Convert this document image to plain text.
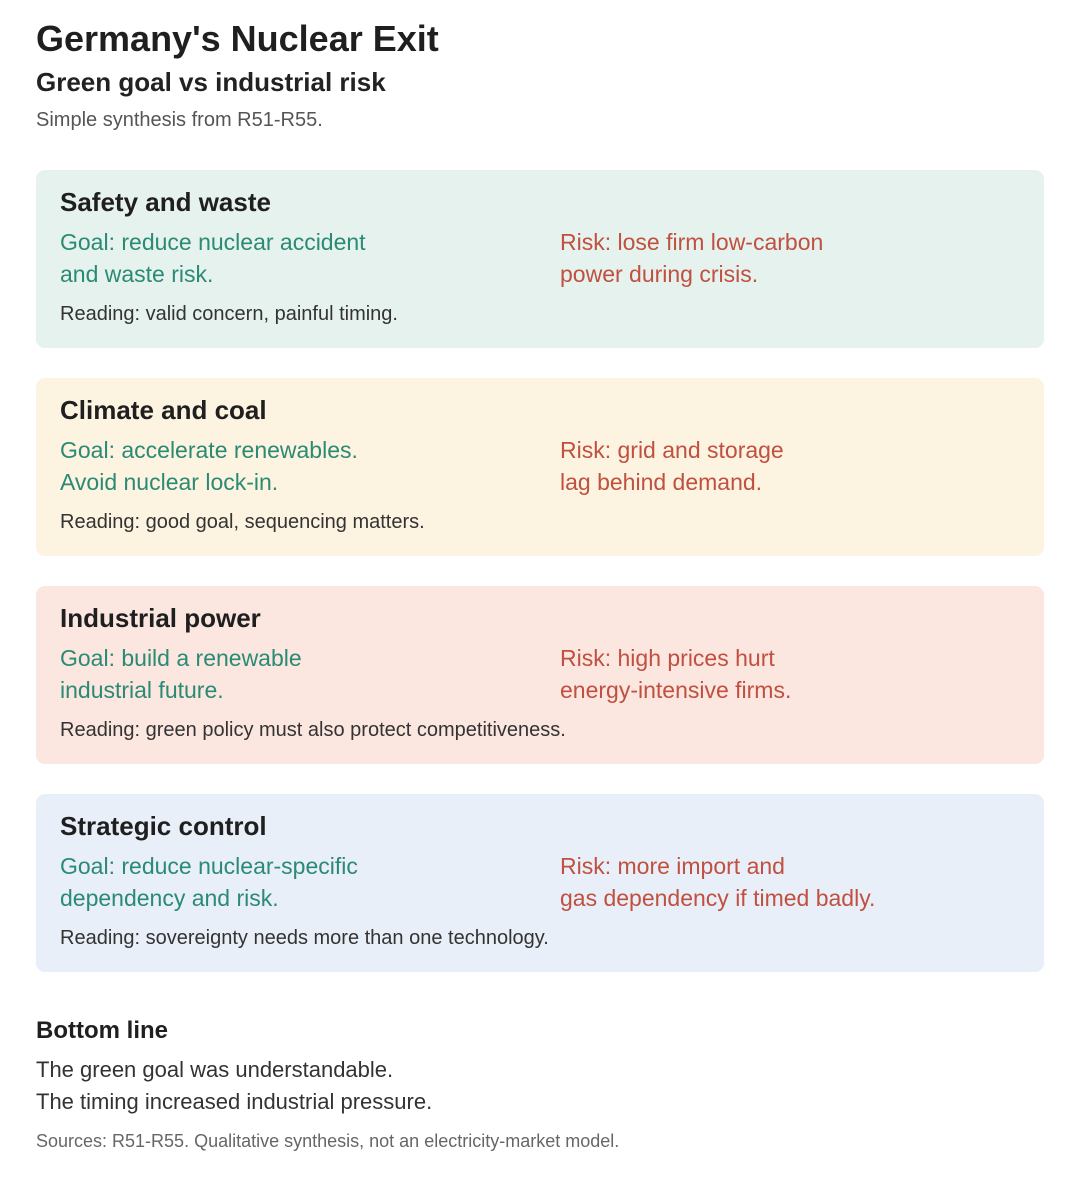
Germany's Nuclear Exit
Green goal vs industrial risk
Simple synthesis from R51-R55.
Safety and waste
Goal: reduce nuclear accident
and waste risk.
Risk: lose firm low-carbon
power during crisis.
Reading: valid concern, painful timing.
Climate and coal
Goal: accelerate renewables.
Avoid nuclear lock-in.
Risk: grid and storage
lag behind demand.
Reading: good goal, sequencing matters.
Industrial power
Goal: build a renewable
industrial future.
Risk: high prices hurt
energy-intensive firms.
Reading: green policy must also protect competitiveness.
Strategic control
Goal: reduce nuclear-specific
dependency and risk.
Risk: more import and
gas dependency if timed badly.
Reading: sovereignty needs more than one technology.
Bottom line
The green goal was understandable.
The timing increased industrial pressure.
Sources: R51-R55. Qualitative synthesis, not an electricity-market model.
